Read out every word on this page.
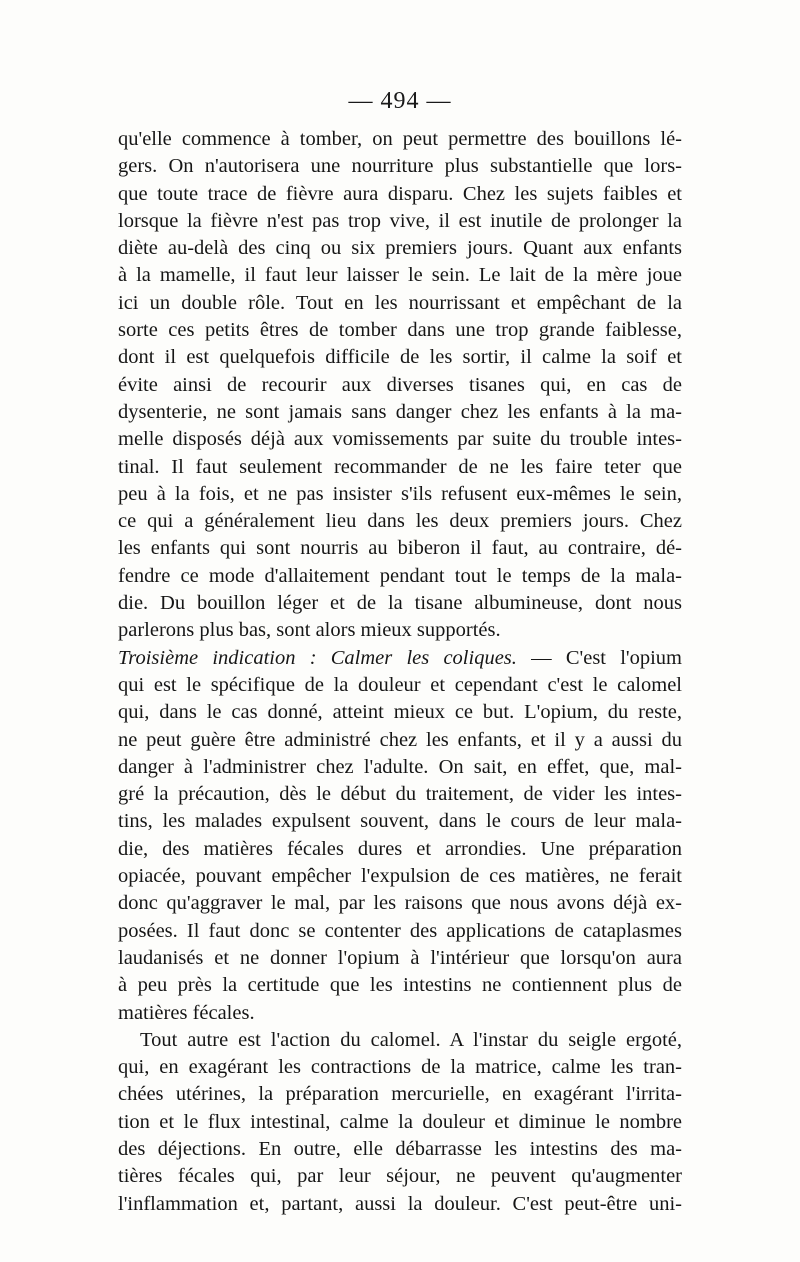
— 494 —
qu'elle commence à tomber, on peut permettre des bouillons lé-
gers. On n'autorisera une nourriture plus substantielle que lors-
que toute trace de fièvre aura disparu. Chez les sujets faibles et
lorsque la fièvre n'est pas trop vive, il est inutile de prolonger la
diète au-delà des cinq ou six premiers jours. Quant aux enfants
à la mamelle, il faut leur laisser le sein. Le lait de la mère joue
ici un double rôle. Tout en les nourrissant et empêchant de la
sorte ces petits êtres de tomber dans une trop grande faiblesse,
dont il est quelquefois difficile de les sortir, il calme la soif et
évite ainsi de recourir aux diverses tisanes qui, en cas de
dysenterie, ne sont jamais sans danger chez les enfants à la ma-
melle disposés déjà aux vomissements par suite du trouble intes-
tinal. Il faut seulement recommander de ne les faire teter que
peu à la fois, et ne pas insister s'ils refusent eux-mêmes le sein,
ce qui a généralement lieu dans les deux premiers jours. Chez
les enfants qui sont nourris au biberon il faut, au contraire, dé-
fendre ce mode d'allaitement pendant tout le temps de la mala-
die. Du bouillon léger et de la tisane albumineuse, dont nous
parlerons plus bas, sont alors mieux supportés.
Troisième indication : Calmer les coliques. — C'est l'opium
qui est le spécifique de la douleur et cependant c'est le calomel
qui, dans le cas donné, atteint mieux ce but. L'opium, du reste,
ne peut guère être administré chez les enfants, et il y a aussi du
danger à l'administrer chez l'adulte. On sait, en effet, que, mal-
gré la précaution, dès le début du traitement, de vider les intes-
tins, les malades expulsent souvent, dans le cours de leur mala-
die, des matières fécales dures et arrondies. Une préparation
opiacée, pouvant empêcher l'expulsion de ces matières, ne ferait
donc qu'aggraver le mal, par les raisons que nous avons déjà ex-
posées. Il faut donc se contenter des applications de cataplasmes
laudanisés et ne donner l'opium à l'intérieur que lorsqu'on aura
à peu près la certitude que les intestins ne contiennent plus de
matières fécales.
Tout autre est l'action du calomel. A l'instar du seigle ergoté,
qui, en exagérant les contractions de la matrice, calme les tran-
chées utérines, la préparation mercurielle, en exagérant l'irrita-
tion et le flux intestinal, calme la douleur et diminue le nombre
des déjections. En outre, elle débarrasse les intestins des ma-
tières fécales qui, par leur séjour, ne peuvent qu'augmenter
l'inflammation et, partant, aussi la douleur. C'est peut-être uni-
